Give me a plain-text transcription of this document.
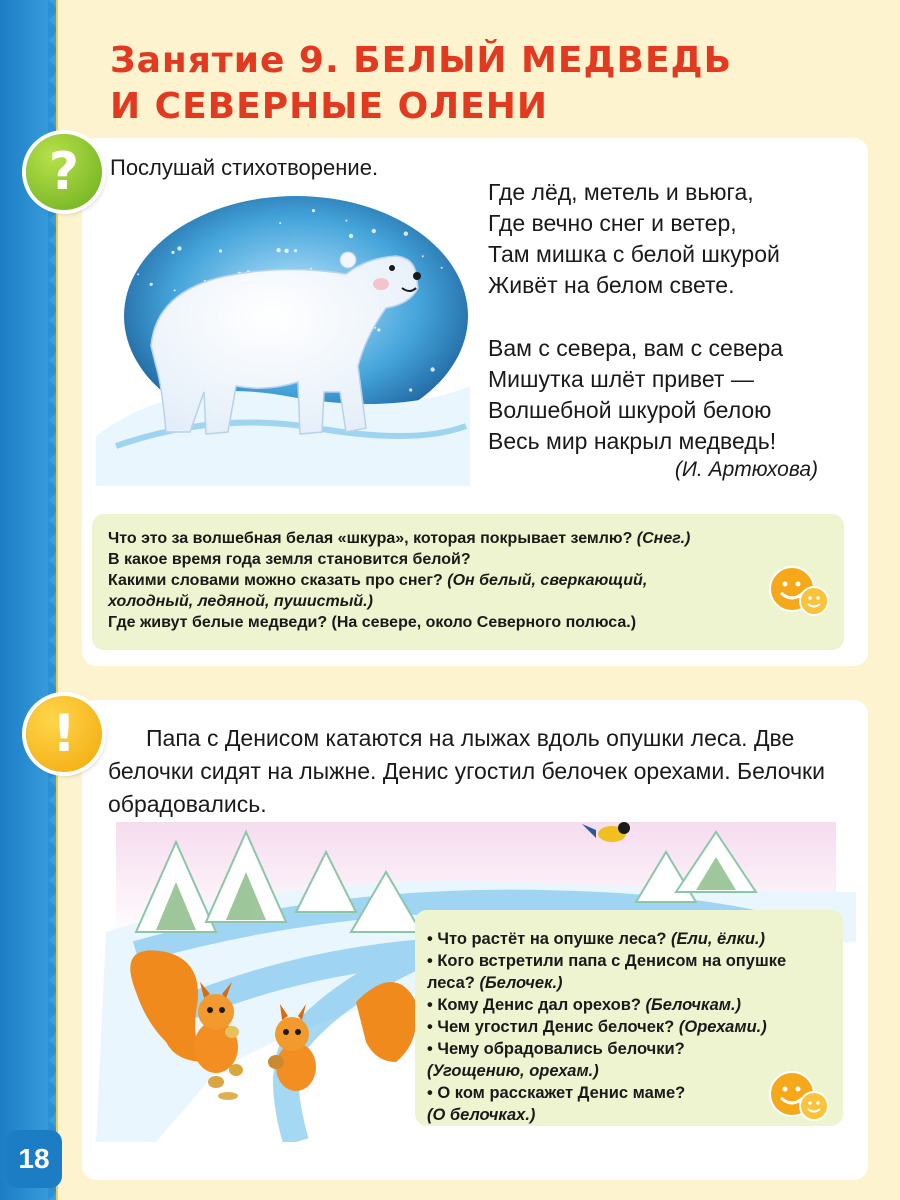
Занятие 9. БЕЛЫЙ МЕДВЕДЬ
И СЕВЕРНЫЕ ОЛЕНИ
?	Послушай стихотворение.

Где лёд, метель и вьюга,
Где вечно снег и ветер,
Там мишка с белой шкурой
Живёт на белом свете.
Вам с севера, вам с севера
Мишутка шлёт привет —
Волшебной шкурой белою
Весь мир накрыл медведь!
(И. Артюхова)
Что это за волшебная белая «шкура», которая покрывает землю? (Снег.)
В какое время года земля становится белой?
Какими словами можно сказать про снег? (Он белый, сверкающий,
холодный, ледяной, пушистый.)
Где живут белые медведи? (На севере, около Северного полюса.)
!	Папа с Денисом катаются на лыжах вдоль опушки леса. Две белочки сидят на лыжне. Денис угостил белочек орехами. Белочки обрадовались.

• Что растёт на опушке леса? (Ели, ёлки.)
• Кого встретили папа с Денисом на опушке леса? (Белочек.)
• Кому Денис дал орехов? (Белочкам.)
• Чем угостил Денис белочек? (Орехами.)
• Чему обрадовались белочки?
(Угощению, орехам.)
• О ком расскажет Денис маме?
(О белочках.)
18
